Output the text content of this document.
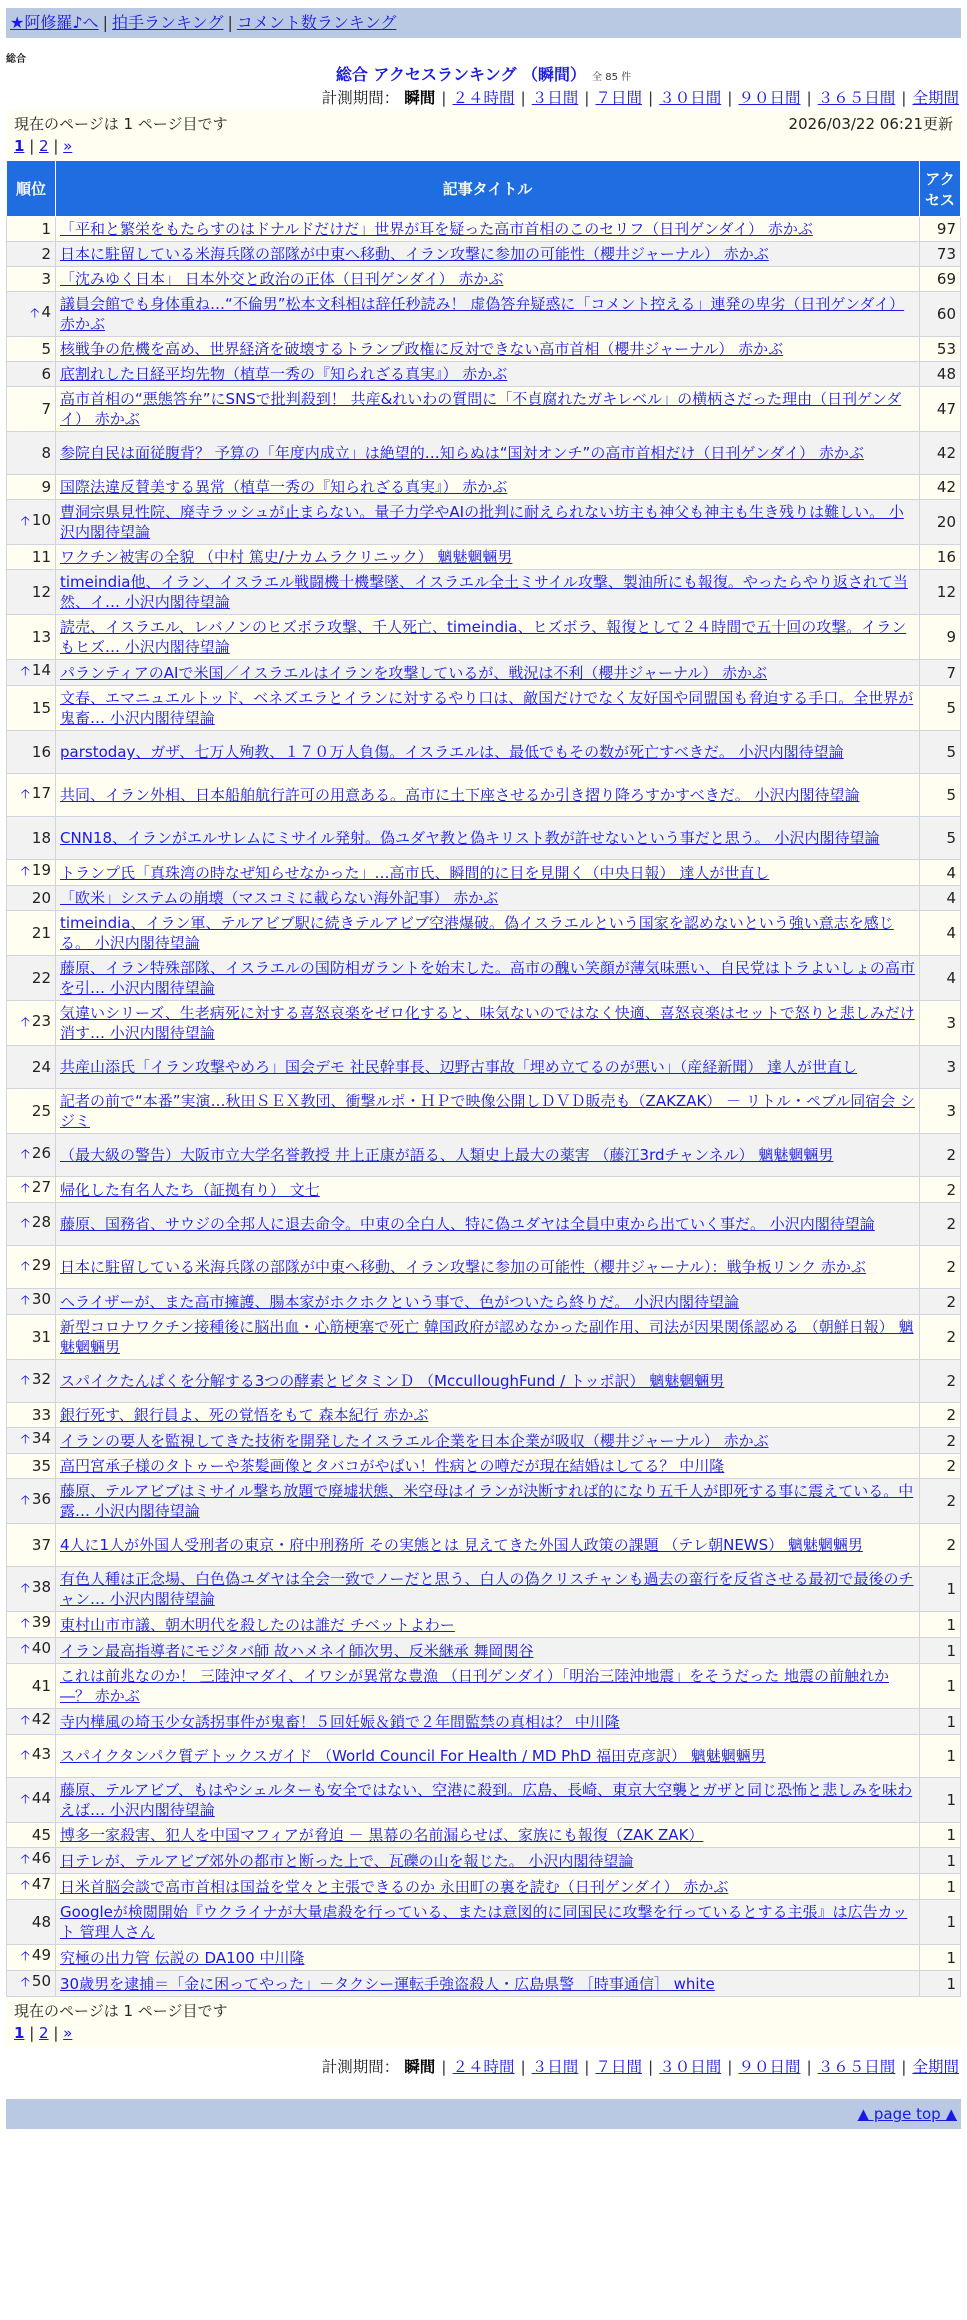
★阿修羅♪へ | 拍手ランキング | コメント数ランキング
総合
総合 アクセスランキング （瞬間） 全 85 件
計測期間： 瞬間 | ２４時間 | ３日間 | ７日間 | ３０日間 | ９０日間 | ３６５日間 | 全期間
現在のページは 1 ページ目です	2026/03/22 06:21更新
1 | 2 | »
順位	記事タイトル	アクセス
1	「平和と繁栄をもたらすのはドナルドだけだ」世界が耳を疑った高市首相のこのセリフ（日刊ゲンダイ） 赤かぶ	97
2	日本に駐留している米海兵隊の部隊が中東へ移動、イラン攻撃に参加の可能性（櫻井ジャーナル） 赤かぶ	73
3	「沈みゆく日本」 日本外交と政治の正体（日刊ゲンダイ） 赤かぶ	69
🡡 4	議員会館でも身体重ね…“不倫男”松本文科相は辞任秒読み！ 虚偽答弁疑惑に「コメント控える」連発の卑劣（日刊ゲンダイ） 赤かぶ	60
5	核戦争の危機を高め、世界経済を破壊するトランプ政権に反対できない高市首相（櫻井ジャーナル） 赤かぶ	53
6	底割れした日経平均先物（植草一秀の『知られざる真実』） 赤かぶ	48
7	高市首相の“悪態答弁”にSNSで批判殺到！ 共産&れいわの質問に「不貞腐れたガキレベル」の横柄さだった理由（日刊ゲンダイ） 赤かぶ	47
8	参院自民は面従腹背？ 予算の「年度内成立」は絶望的…知らぬは“国対オンチ”の高市首相だけ（日刊ゲンダイ） 赤かぶ	42
9	国際法違反賛美する異常（植草一秀の『知られざる真実』） 赤かぶ	42
🡡 10	曹洞宗県見性院、廃寺ラッシュが止まらない。量子力学やAIの批判に耐えられない坊主も神父も神主も生き残りは難しい。 小沢内閣待望論	20
11	ワクチン被害の全貌 （中村 篤史/ナカムラクリニック） 魑魅魍魎男	16
12	timeindia他、イラン、イスラエル戦闘機十機撃墜、イスラエル全土ミサイル攻撃、製油所にも報復。やったらやり返されて当然、イ… 小沢内閣待望論	12
13	読売、イスラエル、レバノンのヒズボラ攻撃、千人死亡、timeindia、ヒズボラ、報復として２４時間で五十回の攻撃。イランもヒズ… 小沢内閣待望論	9
🡡 14	パランティアのAIで米国／イスラエルはイランを攻撃しているが、戦況は不利（櫻井ジャーナル） 赤かぶ	7
15	文春、エマニュエルトッド、ベネズエラとイランに対するやり口は、敵国だけでなく友好国や同盟国も脅迫する手口。全世界が鬼畜… 小沢内閣待望論	5
16	parstoday、ガザ、七万人殉教、１７０万人負傷。イスラエルは、最低でもその数が死亡すべきだ。 小沢内閣待望論	5
🡡 17	共同、イラン外相、日本船舶航行許可の用意ある。高市に土下座させるか引き摺り降ろすかすべきだ。 小沢内閣待望論	5
18	CNN18、イランがエルサレムにミサイル発射。偽ユダヤ教と偽キリスト教が許せないという事だと思う。 小沢内閣待望論	5
🡡 19	トランプ氏「真珠湾の時なぜ知らせなかった」…高市氏、瞬間的に目を見開く（中央日報） 達人が世直し	4
20	「欧米」システムの崩壊（マスコミに載らない海外記事） 赤かぶ	4
21	timeindia、イラン軍、テルアビブ駅に続きテルアビブ空港爆破。偽イスラエルという国家を認めないという強い意志を感じる。 小沢内閣待望論	4
22	藤原、イラン特殊部隊、イスラエルの国防相ガラントを始末した。高市の醜い笑顔が薄気味悪い、自民党はトラよいしょの高市を引… 小沢内閣待望論	4
🡡 23	気違いシリーズ、生老病死に対する喜怒哀楽をゼロ化すると、味気ないのではなく快適、喜怒哀楽はセットで怒りと悲しみだけ消す… 小沢内閣待望論	3
24	共産山添氏「イラン攻撃やめろ」国会デモ 社民幹事長、辺野古事故「埋め立てるのが悪い」（産経新聞） 達人が世直し	3
25	記者の前で“本番”実演…秋田ＳＥＸ教団、衝撃ルポ・ＨＰで映像公開しＤＶＤ販売も（ZAKZAK） － リトル・ペブル同宿会 シジミ	3
🡡 26	（最大級の警告）大阪市立大学名誉教授 井上正康が語る、人類史上最大の薬害 （藤江3rdチャンネル） 魑魅魍魎男	2
🡡 27	帰化した有名人たち（証拠有り） 文七	2
🡡 28	藤原、国務省、サウジの全邦人に退去命令。中東の全白人、特に偽ユダヤは全員中東から出ていく事だ。 小沢内閣待望論	2
🡡 29	日本に駐留している米海兵隊の部隊が中東へ移動、イラン攻撃に参加の可能性（櫻井ジャーナル）：戦争板リンク 赤かぶ	2
🡡 30	ヘライザーが、また高市擁護、腸本家がホクホクという事で、色がついたら終りだ。 小沢内閣待望論	2
31	新型コロナワクチン接種後に脳出血・心筋梗塞で死亡 韓国政府が認めなかった副作用、司法が因果関係認める （朝鮮日報） 魑魅魍魎男	2
🡡 32	スパイクたんぱくを分解する3つの酵素とビタミンＤ （McculloughFund / トッポ訳） 魑魅魍魎男	2
33	銀行死す、銀行員よ、死の覚悟をもて 森本紀行 赤かぶ	2
🡡 34	イランの要人を監視してきた技術を開発したイスラエル企業を日本企業が吸収（櫻井ジャーナル） 赤かぶ	2
35	高円宮承子様のタトゥーや茶髪画像とタバコがやばい！性病との噂だが現在結婚はしてる？ 中川隆	2
🡡 36	藤原、テルアビブはミサイル撃ち放題で廃墟状態、米空母はイランが決断すれば的になり五千人が即死する事に震えている。中露… 小沢内閣待望論	2
37	4人に1人が外国人受刑者の東京・府中刑務所 その実態とは 見えてきた外国人政策の課題 （テレ朝NEWS） 魑魅魍魎男	2
🡡 38	有色人種は正念場、白色偽ユダヤは全会一致でノーだと思う、白人の偽クリスチャンも過去の蛮行を反省させる最初で最後のチャン… 小沢内閣待望論	1
🡡 39	東村山市市議、朝木明代を殺したのは誰だ チベットよわー	1
🡡 40	イラン最高指導者にモジタバ師 故ハメネイ師次男、反米継承 舞岡関谷	1
41	これは前兆なのか！ 三陸沖マダイ、イワシが異常な豊漁 （日刊ゲンダイ）「明治三陸沖地震」をそうだった 地震の前触れか―？ 赤かぶ	1
🡡 42	寺内樺風の埼玉少女誘拐事件が鬼畜！５回妊娠＆鎖で２年間監禁の真相は？ 中川隆	1
🡡 43	スパイクタンパク質デトックスガイド （World Council For Health / MD PhD 福田克彦訳） 魑魅魍魎男	1
🡡 44	藤原、テルアビブ、もはやシェルターも安全ではない、空港に殺到。広島、長崎、東京大空襲とガザと同じ恐怖と悲しみを味わえば… 小沢内閣待望論	1
45	博多一家殺害、犯人を中国マフィアが脅迫 － 黒幕の名前漏らせば、家族にも報復（ZAK ZAK）	1
🡡 46	日テレが、テルアビブ郊外の都市と断った上で、瓦礫の山を報じた。 小沢内閣待望論	1
🡡 47	日米首脳会談で高市首相は国益を堂々と主張できるのか 永田町の裏を読む（日刊ゲンダイ） 赤かぶ	1
48	Googleが検閲開始『ウクライナが大量虐殺を行っている、または意図的に同国民に攻撃を行っているとする主張』は広告カット 管理人さん	1
🡡 49	究極の出力管 伝説の DA100 中川隆	1
🡡 50	30歳男を逮捕＝「金に困ってやった」－タクシー運転手強盗殺人・広島県警 ［時事通信］ white	1
現在のページは 1 ページ目です
1 | 2 | »
計測期間： 瞬間 | ２４時間 | ３日間 | ７日間 | ３０日間 | ９０日間 | ３６５日間 | 全期間
▲ page top ▲
